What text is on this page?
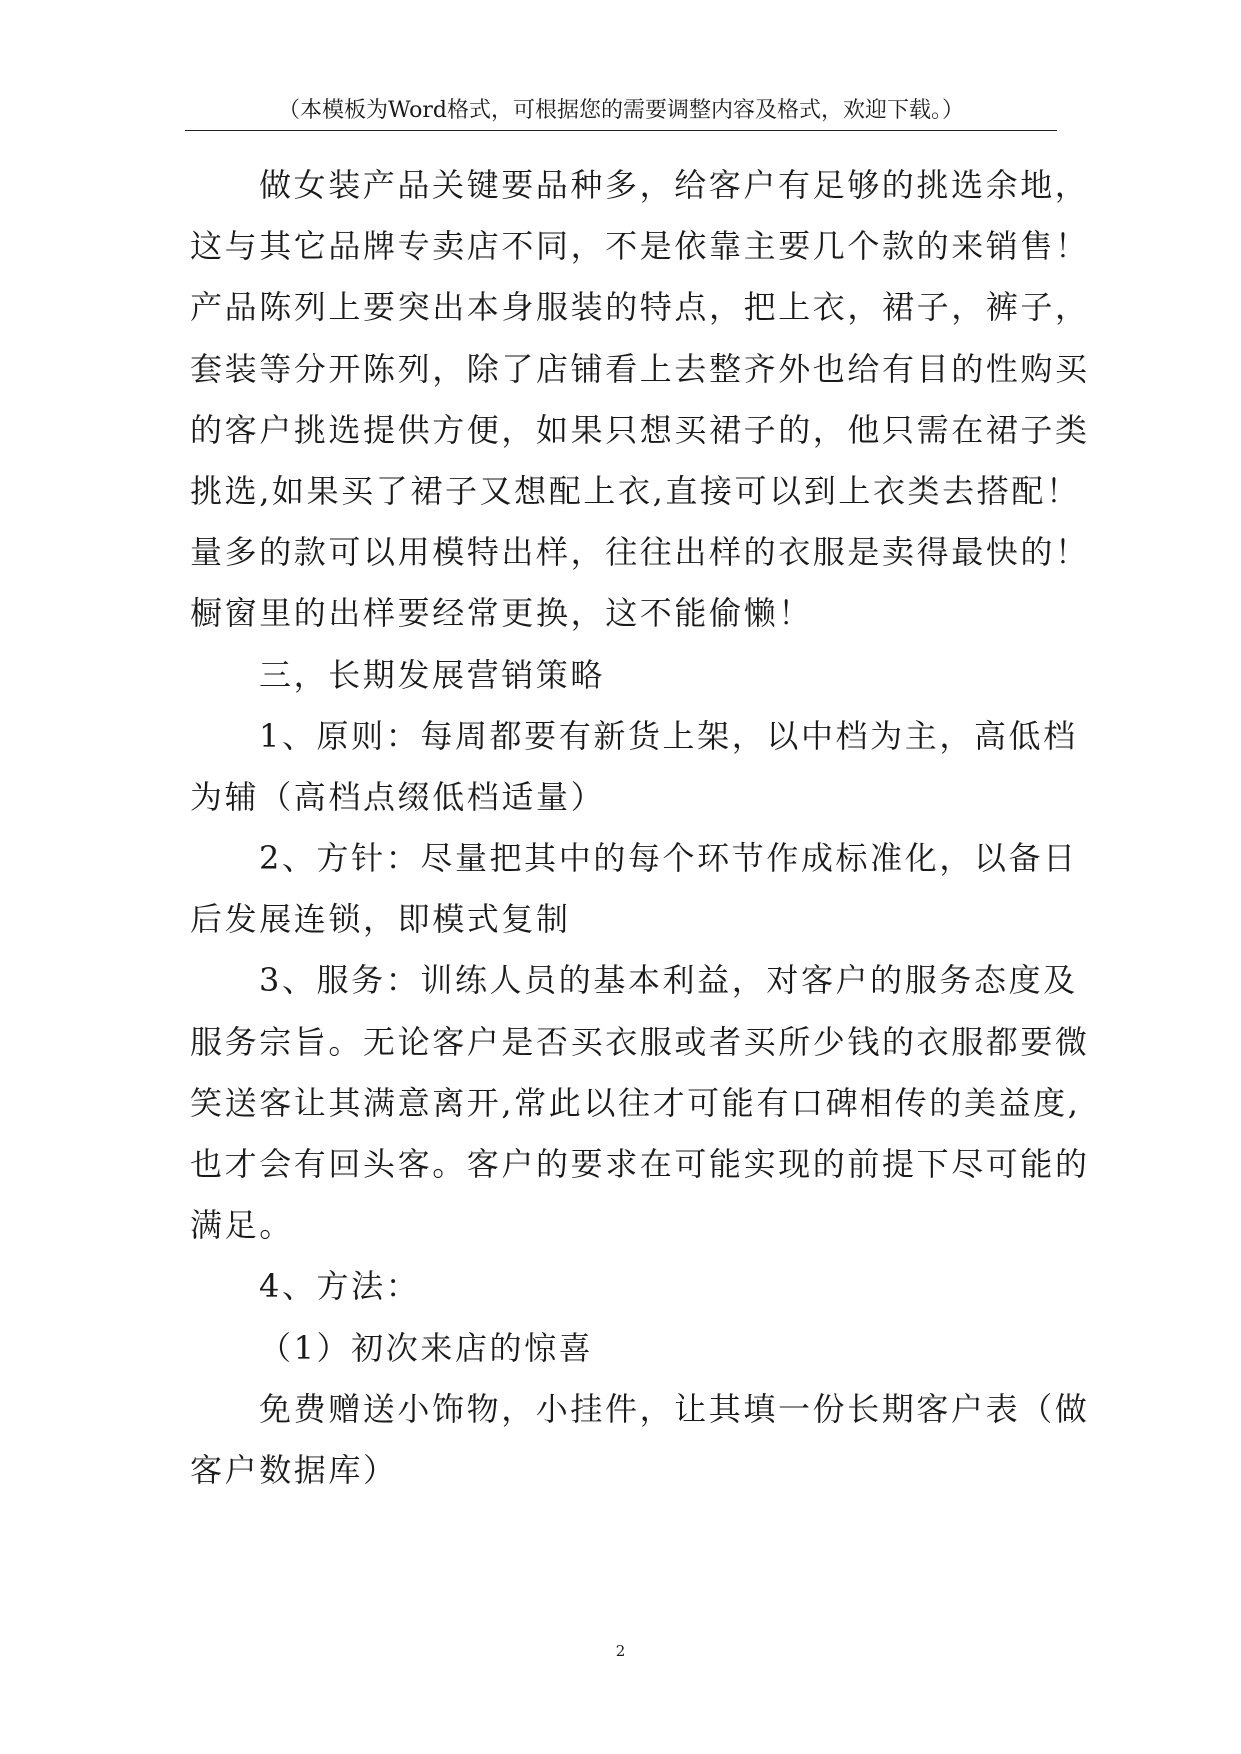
（本模板为Word格式，可根据您的需要调整内容及格式，欢迎下载。）
做女装产品关键要品种多，给客户有足够的挑选余地，
这与其它品牌专卖店不同，不是依靠主要几个款的来销售！
产品陈列上要突出本身服装的特点，把上衣，裙子，裤子，
套装等分开陈列，除了店铺看上去整齐外也给有目的性购买
的客户挑选提供方便，如果只想买裙子的，他只需在裙子类
挑选,如果买了裙子又想配上衣,直接可以到上衣类去搭配！
量多的款可以用模特出样，往往出样的衣服是卖得最快的！
橱窗里的出样要经常更换，这不能偷懒！
三，长期发展营销策略
1、原则：每周都要有新货上架，以中档为主，高低档
为辅（高档点缀低档适量）
2、方针：尽量把其中的每个环节作成标准化，以备日
后发展连锁，即模式复制
3、服务：训练人员的基本利益，对客户的服务态度及
服务宗旨。无论客户是否买衣服或者买所少钱的衣服都要微
笑送客让其满意离开,常此以往才可能有口碑相传的美益度,
也才会有回头客。客户的要求在可能实现的前提下尽可能的
满足。
4、方法：
（1）初次来店的惊喜
免费赠送小饰物，小挂件，让其填一份长期客户表（做
客户数据库）
2
